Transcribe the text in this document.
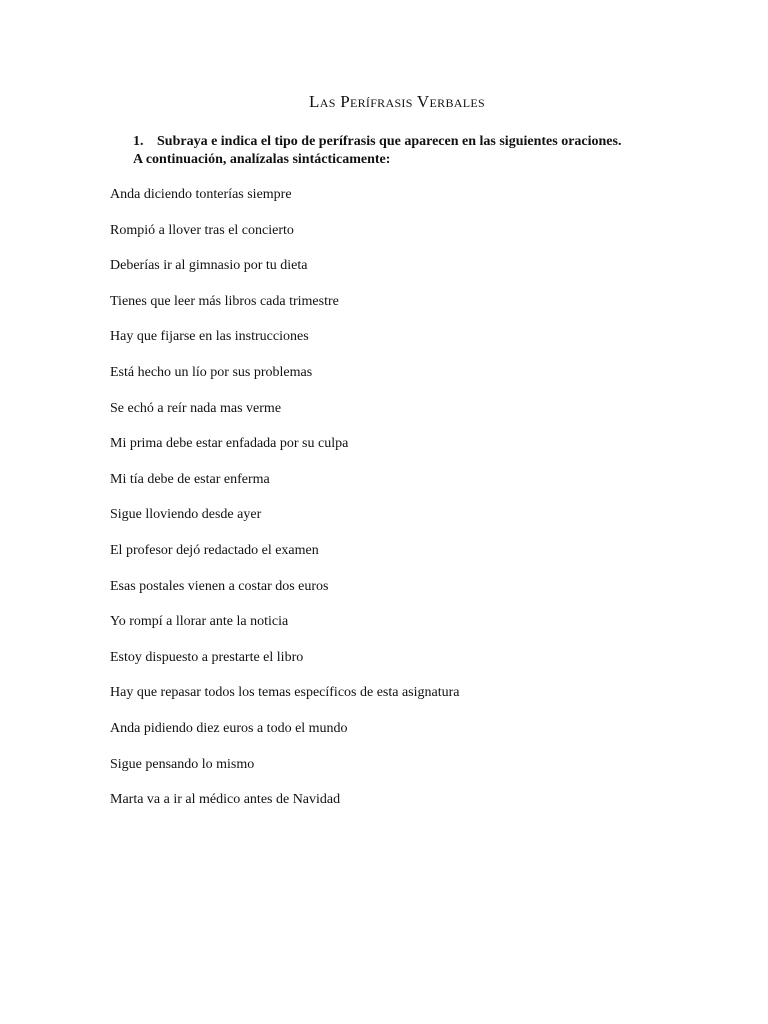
Las Perífrasis Verbales
1. Subraya e indica el tipo de perífrasis que aparecen en las siguientes oraciones.
A continuación, analízalas sintácticamente:
Anda diciendo tonterías siempre
Rompió a llover tras el concierto
Deberías ir al gimnasio por tu dieta
Tienes que leer más libros cada trimestre
Hay que fijarse en las instrucciones
Está hecho un lío por sus problemas
Se echó a reír nada mas verme
Mi prima debe estar enfadada por su culpa
Mi tía debe de estar enferma
Sigue lloviendo desde ayer
El profesor dejó redactado el examen
Esas postales vienen a costar dos euros
Yo rompí a llorar ante la noticia
Estoy dispuesto a prestarte el libro
Hay que repasar todos los temas específicos de esta asignatura
Anda pidiendo diez euros a todo el mundo
Sigue pensando lo mismo
Marta va a ir al médico antes de Navidad
